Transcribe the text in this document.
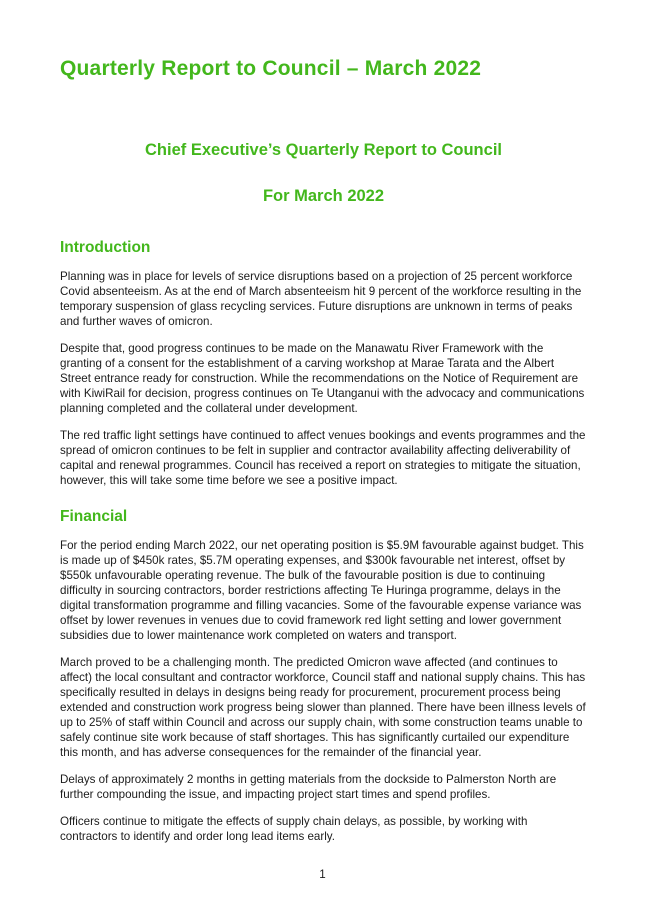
Quarterly Report to Council – March 2022
Chief Executive’s Quarterly Report to Council
For March 2022
Introduction

Planning was in place for levels of service disruptions based on a projection of 25 percent workforce Covid absenteeism. As at the end of March absenteeism hit 9 percent of the workforce resulting in the temporary suspension of glass recycling services. Future disruptions are unknown in terms of peaks and further waves of omicron.

Despite that, good progress continues to be made on the Manawatu River Framework with the granting of a consent for the establishment of a carving workshop at Marae Tarata and the Albert Street entrance ready for construction. While the recommendations on the Notice of Requirement are with KiwiRail for decision, progress continues on Te Utanganui with the advocacy and communications planning completed and the collateral under development.

The red traffic light settings have continued to affect venues bookings and events programmes and the spread of omicron continues to be felt in supplier and contractor availability affecting deliverability of capital and renewal programmes. Council has received a report on strategies to mitigate the situation, however, this will take some time before we see a positive impact.

Financial

For the period ending March 2022, our net operating position is $5.9M favourable against budget. This is made up of $450k rates, $5.7M operating expenses, and $300k favourable net interest, offset by $550k unfavourable operating revenue. The bulk of the favourable position is due to continuing difficulty in sourcing contractors, border restrictions affecting Te Huringa programme, delays in the digital transformation programme and filling vacancies. Some of the favourable expense variance was offset by lower revenues in venues due to covid framework red light setting and lower government subsidies due to lower maintenance work completed on waters and transport.

March proved to be a challenging month. The predicted Omicron wave affected (and continues to affect) the local consultant and contractor workforce, Council staff and national supply chains. This has specifically resulted in delays in designs being ready for procurement, procurement process being extended and construction work progress being slower than planned. There have been illness levels of up to 25% of staff within Council and across our supply chain, with some construction teams unable to safely continue site work because of staff shortages. This has significantly curtailed our expenditure this month, and has adverse consequences for the remainder of the financial year.

Delays of approximately 2 months in getting materials from the dockside to Palmerston North are further compounding the issue, and impacting project start times and spend profiles.

Officers continue to mitigate the effects of supply chain delays, as possible, by working with contractors to identify and order long lead items early.

1
